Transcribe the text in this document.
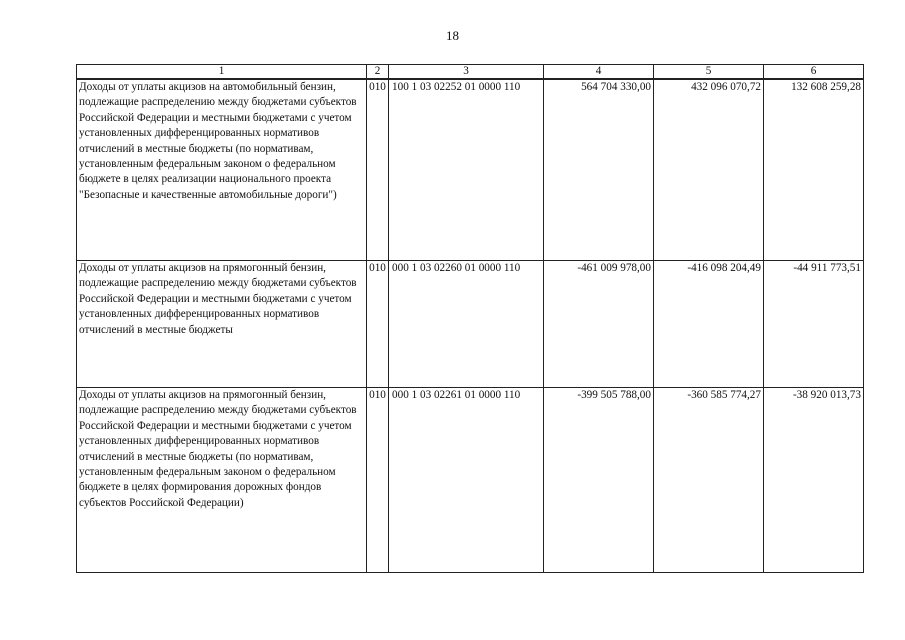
18
1	2	3	4	5	6
Доходы от уплаты акцизов на автомобильный бензин, подлежащие распределению между бюджетами субъектов Российской Федерации и местными бюджетами с учетом установленных дифференцированных нормативов отчислений в местные бюджеты (по нормативам, установленным федеральным законом о федеральном бюджете в целях реализации национального проекта "Безопасные и качественные автомобильные дороги")	010	100 1 03 02252 01 0000 110	564 704 330,00	432 096 070,72	132 608 259,28
Доходы от уплаты акцизов на прямогонный бензин, подлежащие распределению между бюджетами субъектов Российской Федерации и местными бюджетами с учетом установленных дифференцированных нормативов отчислений в местные бюджеты	010	000 1 03 02260 01 0000 110	-461 009 978,00	-416 098 204,49	-44 911 773,51
Доходы от уплаты акцизов на прямогонный бензин, подлежащие распределению между бюджетами субъектов Российской Федерации и местными бюджетами с учетом установленных дифференцированных нормативов отчислений в местные бюджеты (по нормативам, установленным федеральным законом о федеральном бюджете в целях формирования дорожных фондов субъектов Российской Федерации)	010	000 1 03 02261 01 0000 110	-399 505 788,00	-360 585 774,27	-38 920 013,73
